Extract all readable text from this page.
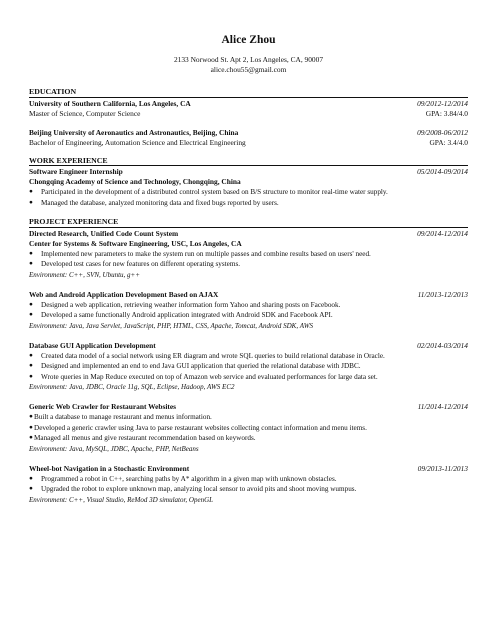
Alice Zhou

2133 Norwood St. Apt 2, Los Angeles, CA, 90007

alice.chou55@gmail.com

EDUCATION
University of Southern California, Los Angeles, CA	09/2012-12/2014
Master of Science, Computer Science	GPA: 3.84/4.0
Beijing University of Aeronautics and Astronautics, Beijing, China	09/2008-06/2012
Bachelor of Engineering, Automation Science and Electrical Engineering	GPA: 3.4/4.0
WORK EXPERIENCE
Software Engineer Internship	05/2014-09/2014
Chongqing Academy of Science and Technology, Chongqing, China
● Participated in the development of a distributed control system based on B/S structure to monitor real-time water supply.
● Managed the database, analyzed monitoring data and fixed bugs reported by users.
PROJECT EXPERIENCE
Directed Research, Unified Code Count System	09/2014-12/2014
Center for Systems & Software Engineering, USC, Los Angeles, CA
● Implemented new parameters to make the system run on multiple passes and combine results based on users' need.
● Developed test cases for new features on different operating systems.
Environment: C++, SVN, Ubuntu, g++
Web and Android Application Development Based on AJAX	11/2013-12/2013
● Designed a web application, retrieving weather information form Yahoo and sharing posts on Facebook.
● Developed a same functionally Android application integrated with Android SDK and Facebook API.
Environment: Java, Java Servlet, JavaScript, PHP, HTML, CSS, Apache, Tomcat, Android SDK, AWS
Database GUI Application Development	02/2014-03/2014
● Created data model of a social network using ER diagram and wrote SQL queries to build relational database in Oracle.
● Designed and implemented an end to end Java GUI application that queried the relational database with JDBC.
● Wrote queries in Map Reduce executed on top of Amazon web service and evaluated performances for large data set.
Environment: Java, JDBC, Oracle 11g, SQL, Eclipse, Hadoop, AWS EC2
Generic Web Crawler for Restaurant Websites	11/2014-12/2014
● Built a database to manage restaurant and menus information.
● Developed a generic crawler using Java to parse restaurant websites collecting contact information and menu items.
● Managed all menus and give restaurant recommendation based on keywords.
Environment: Java, MySQL, JDBC, Apache, PHP, NetBeans
Wheel-bot Navigation in a Stochastic Environment	09/2013-11/2013
● Programmed a robot in C++, searching paths by A* algorithm in a given map with unknown obstacles.
● Upgraded the robot to explore unknown map, analyzing local sensor to avoid pits and shoot moving wumpus.
Environment: C++, Visual Studio, ReMod 3D simulator, OpenGL
